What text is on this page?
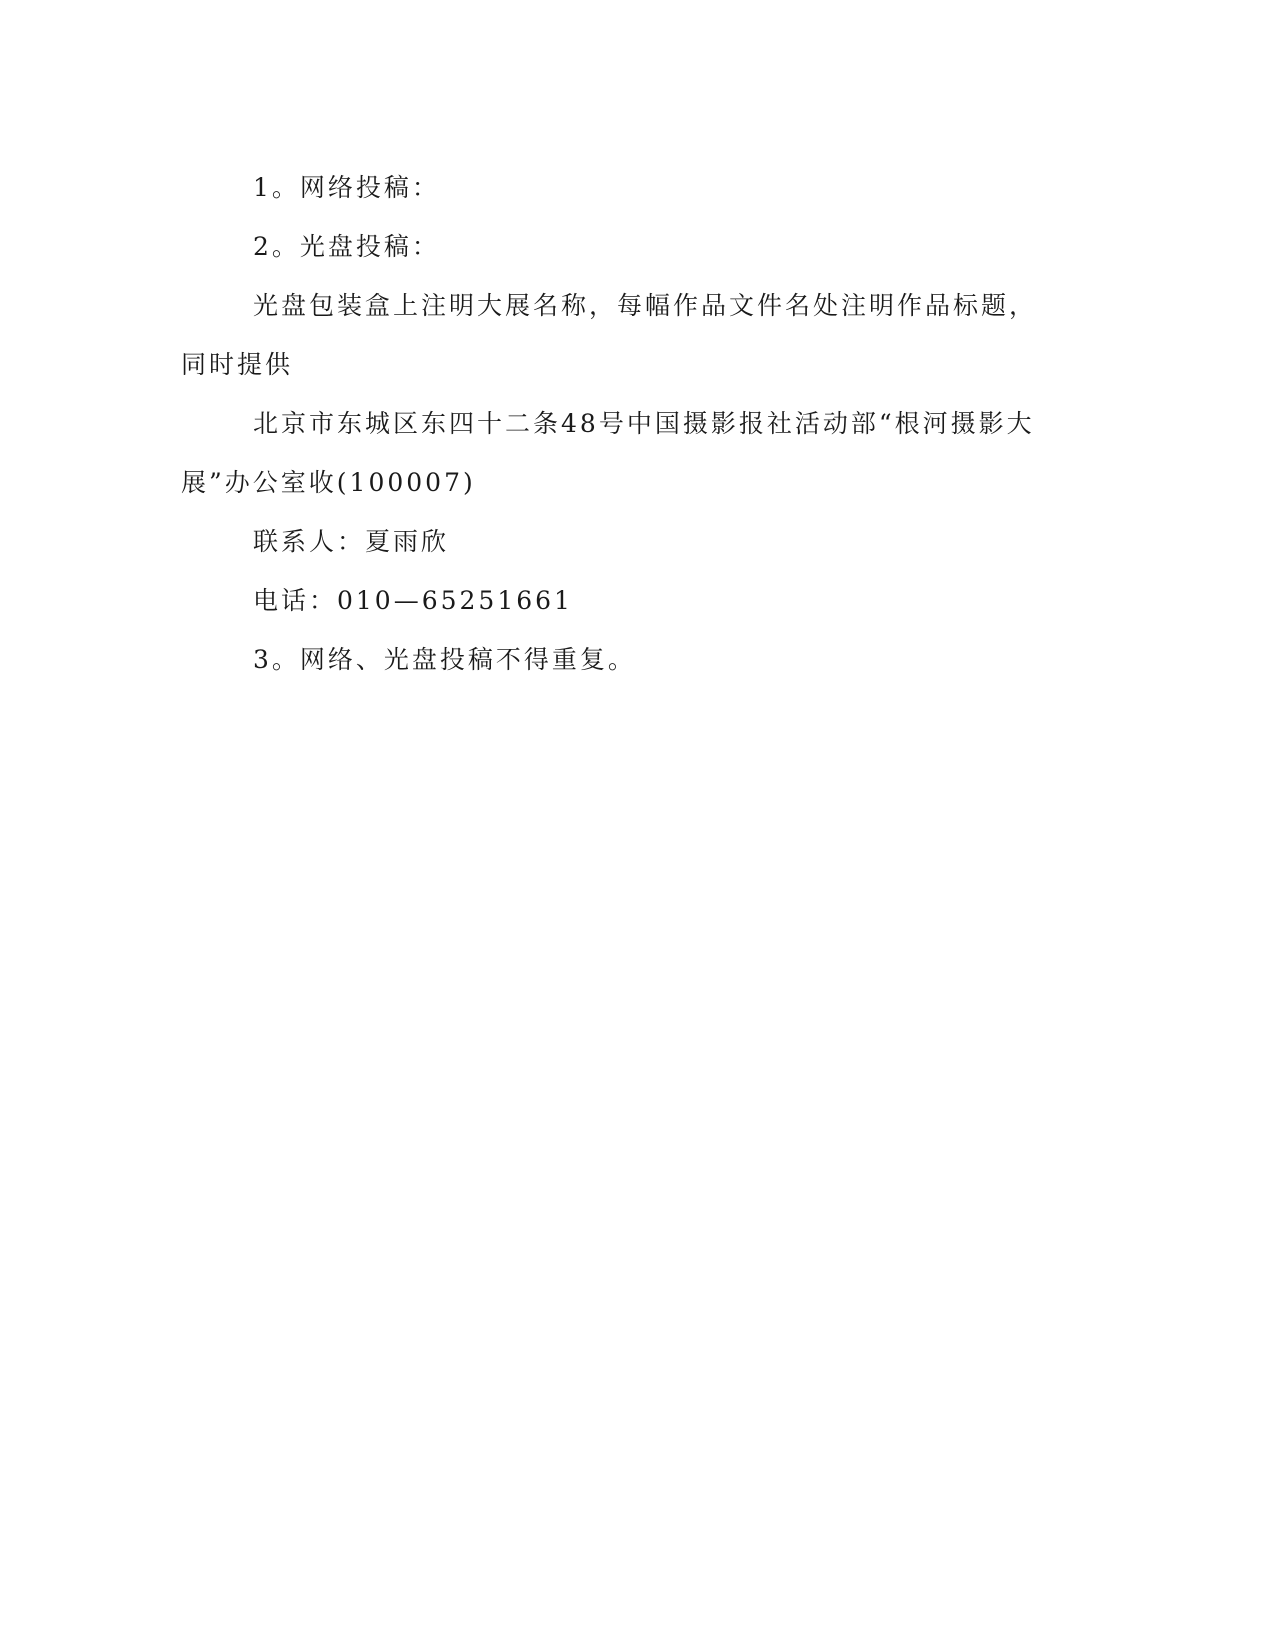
1。网络投稿：

2。光盘投稿：

光盘包装盒上注明大展名称，每幅作品文件名处注明作品标题，同时提供

北京市东城区东四十二条48号中国摄影报社活动部“根河摄影大展”办公室收(100007)

联系人：夏雨欣

电话：010—65251661

3。网络、光盘投稿不得重复。
